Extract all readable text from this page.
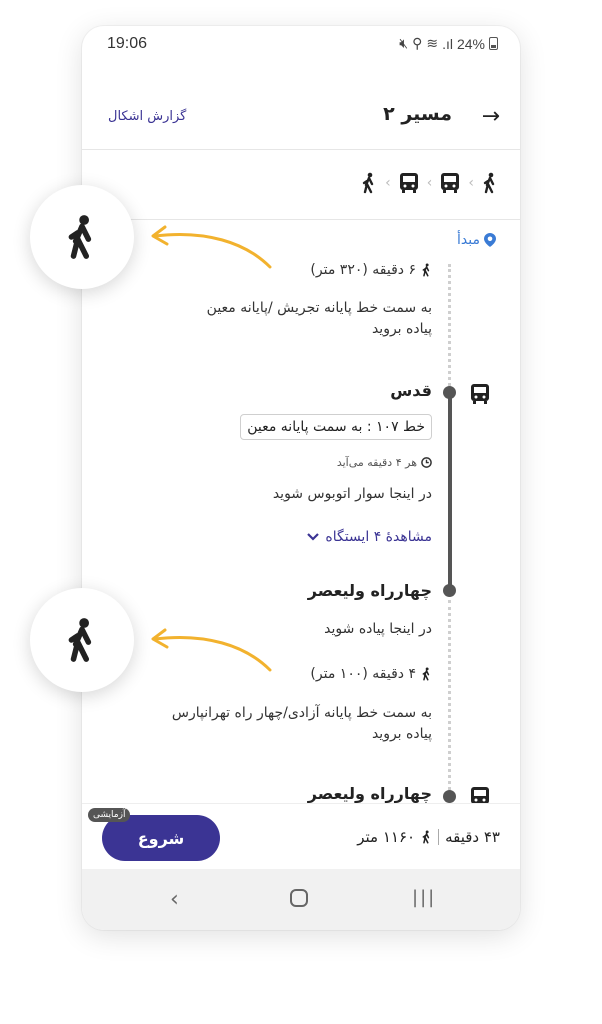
19:06	🔇︎ ⚲ ≋ .ıl 24%
→
مسیر ۲
گزارش اشکال
‹
‹
‹
مبدأ
۶ دقیقه (۳۲۰ متر)
به سمت خط پایانه تجریش /پایانه معین
پیاده بروید
قدس
خط ۱۰۷ : به سمت پایانه معین
هر ۴ دقیقه می‌آید
در اینجا سوار اتوبوس شوید
مشاهدهٔ ۴ ایستگاه
چهارراه ولیعصر
در اینجا پیاده شوید
۴ دقیقه (۱۰۰ متر)
به سمت خط پایانه آزادی/چهار راه تهرانپارس
پیاده بروید
چهارراه ولیعصر
شروع
آزمایشی
۴۳ دقیقه
۱۱۶۰ متر
‹	|||
